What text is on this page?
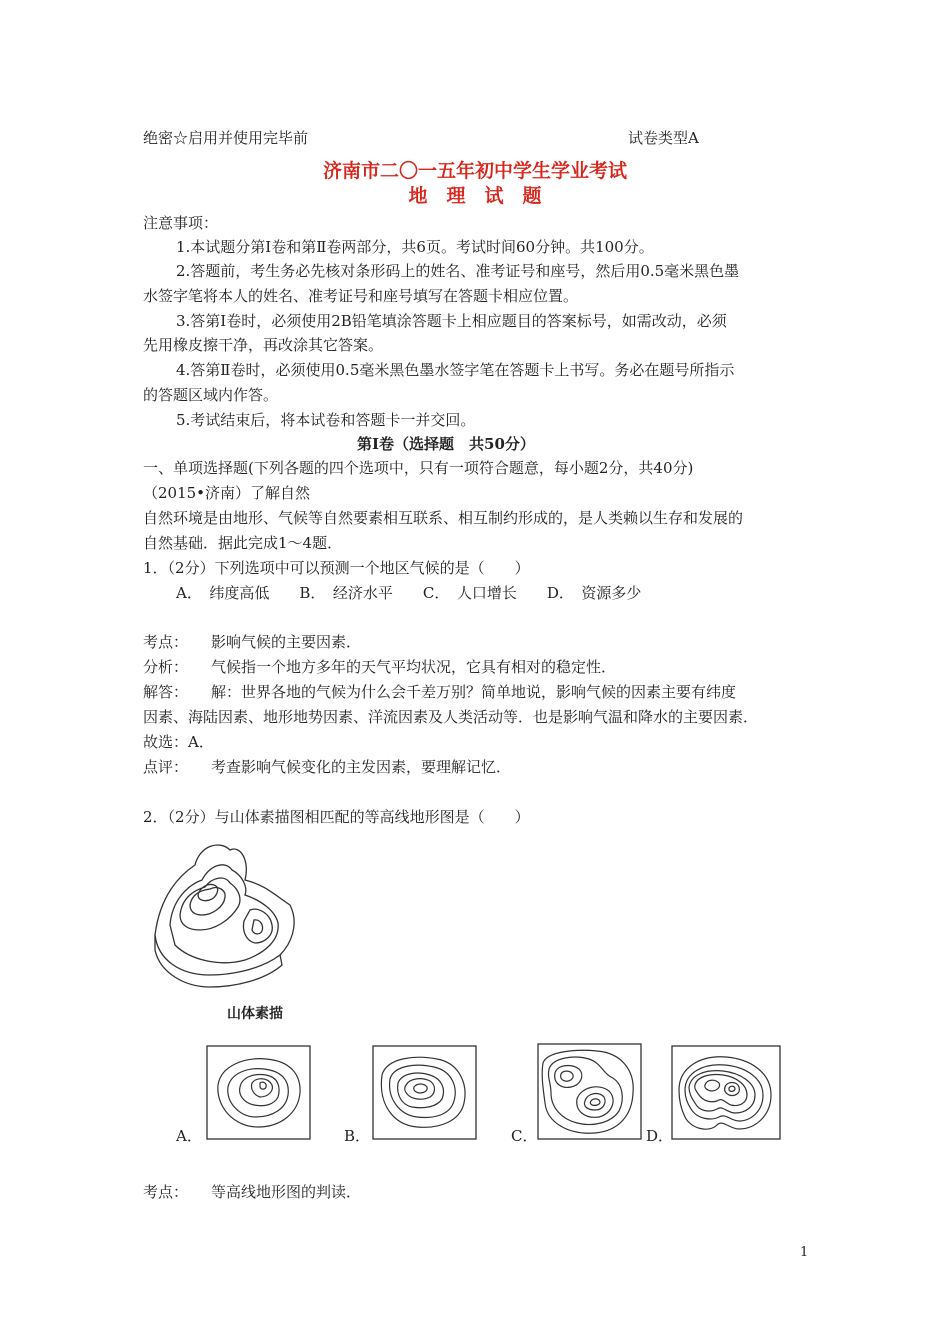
绝密☆启用并使用完毕前	试卷类型A
济南市二〇一五年初中学生学业考试
地　理　试　题
注意事项：
1.本试题分第Ⅰ卷和第Ⅱ卷两部分，共6页。考试时间60分钟。共100分。
2.答题前，考生务必先核对条形码上的姓名、准考证号和座号，然后用0.5毫米黑色墨
水签字笔将本人的姓名、准考证号和座号填写在答题卡相应位置。
3.答第Ⅰ卷时，必须使用2B铅笔填涂答题卡上相应题目的答案标号，如需改动，必须
先用橡皮擦干净，再改涂其它答案。
4.答第Ⅱ卷时，必须使用0.5毫米黑色墨水签字笔在答题卡上书写。务必在题号所指示
的答题区域内作答。
5.考试结束后，将本试卷和答题卡一并交回。
第Ⅰ卷（选择题　共50分）
一、单项选择题(下列各题的四个选项中，只有一项符合题意，每小题2分，共40分)
（2015•济南）了解自然
自然环境是由地形、气候等自然要素相互联系、相互制约形成的，是人类赖以生存和发展的
自然基础．据此完成1～4题．
1．（2分）下列选项中可以预测一个地区气候的是（　　）
A．　纬度高低　　B．　经济水平　　C．　人口增长　　D．　资源多少
考点： 影响气候的主要因素．
分析： 气候指一个地方多年的天气平均状况，它具有相对的稳定性．
解答： 解：世界各地的气候为什么会千差万别？简单地说，影响气候的因素主要有纬度
因素、海陆因素、地形地势因素、洋流因素及人类活动等．也是影响气温和降水的主要因素．
故选：A．
点评： 考查影响气候变化的主发因素，要理解记忆．
2．（2分）与山体素描图相匹配的等高线地形图是（　　）
山体素描
A．	B．	C．	D．
考点： 等高线地形图的判读．
1
